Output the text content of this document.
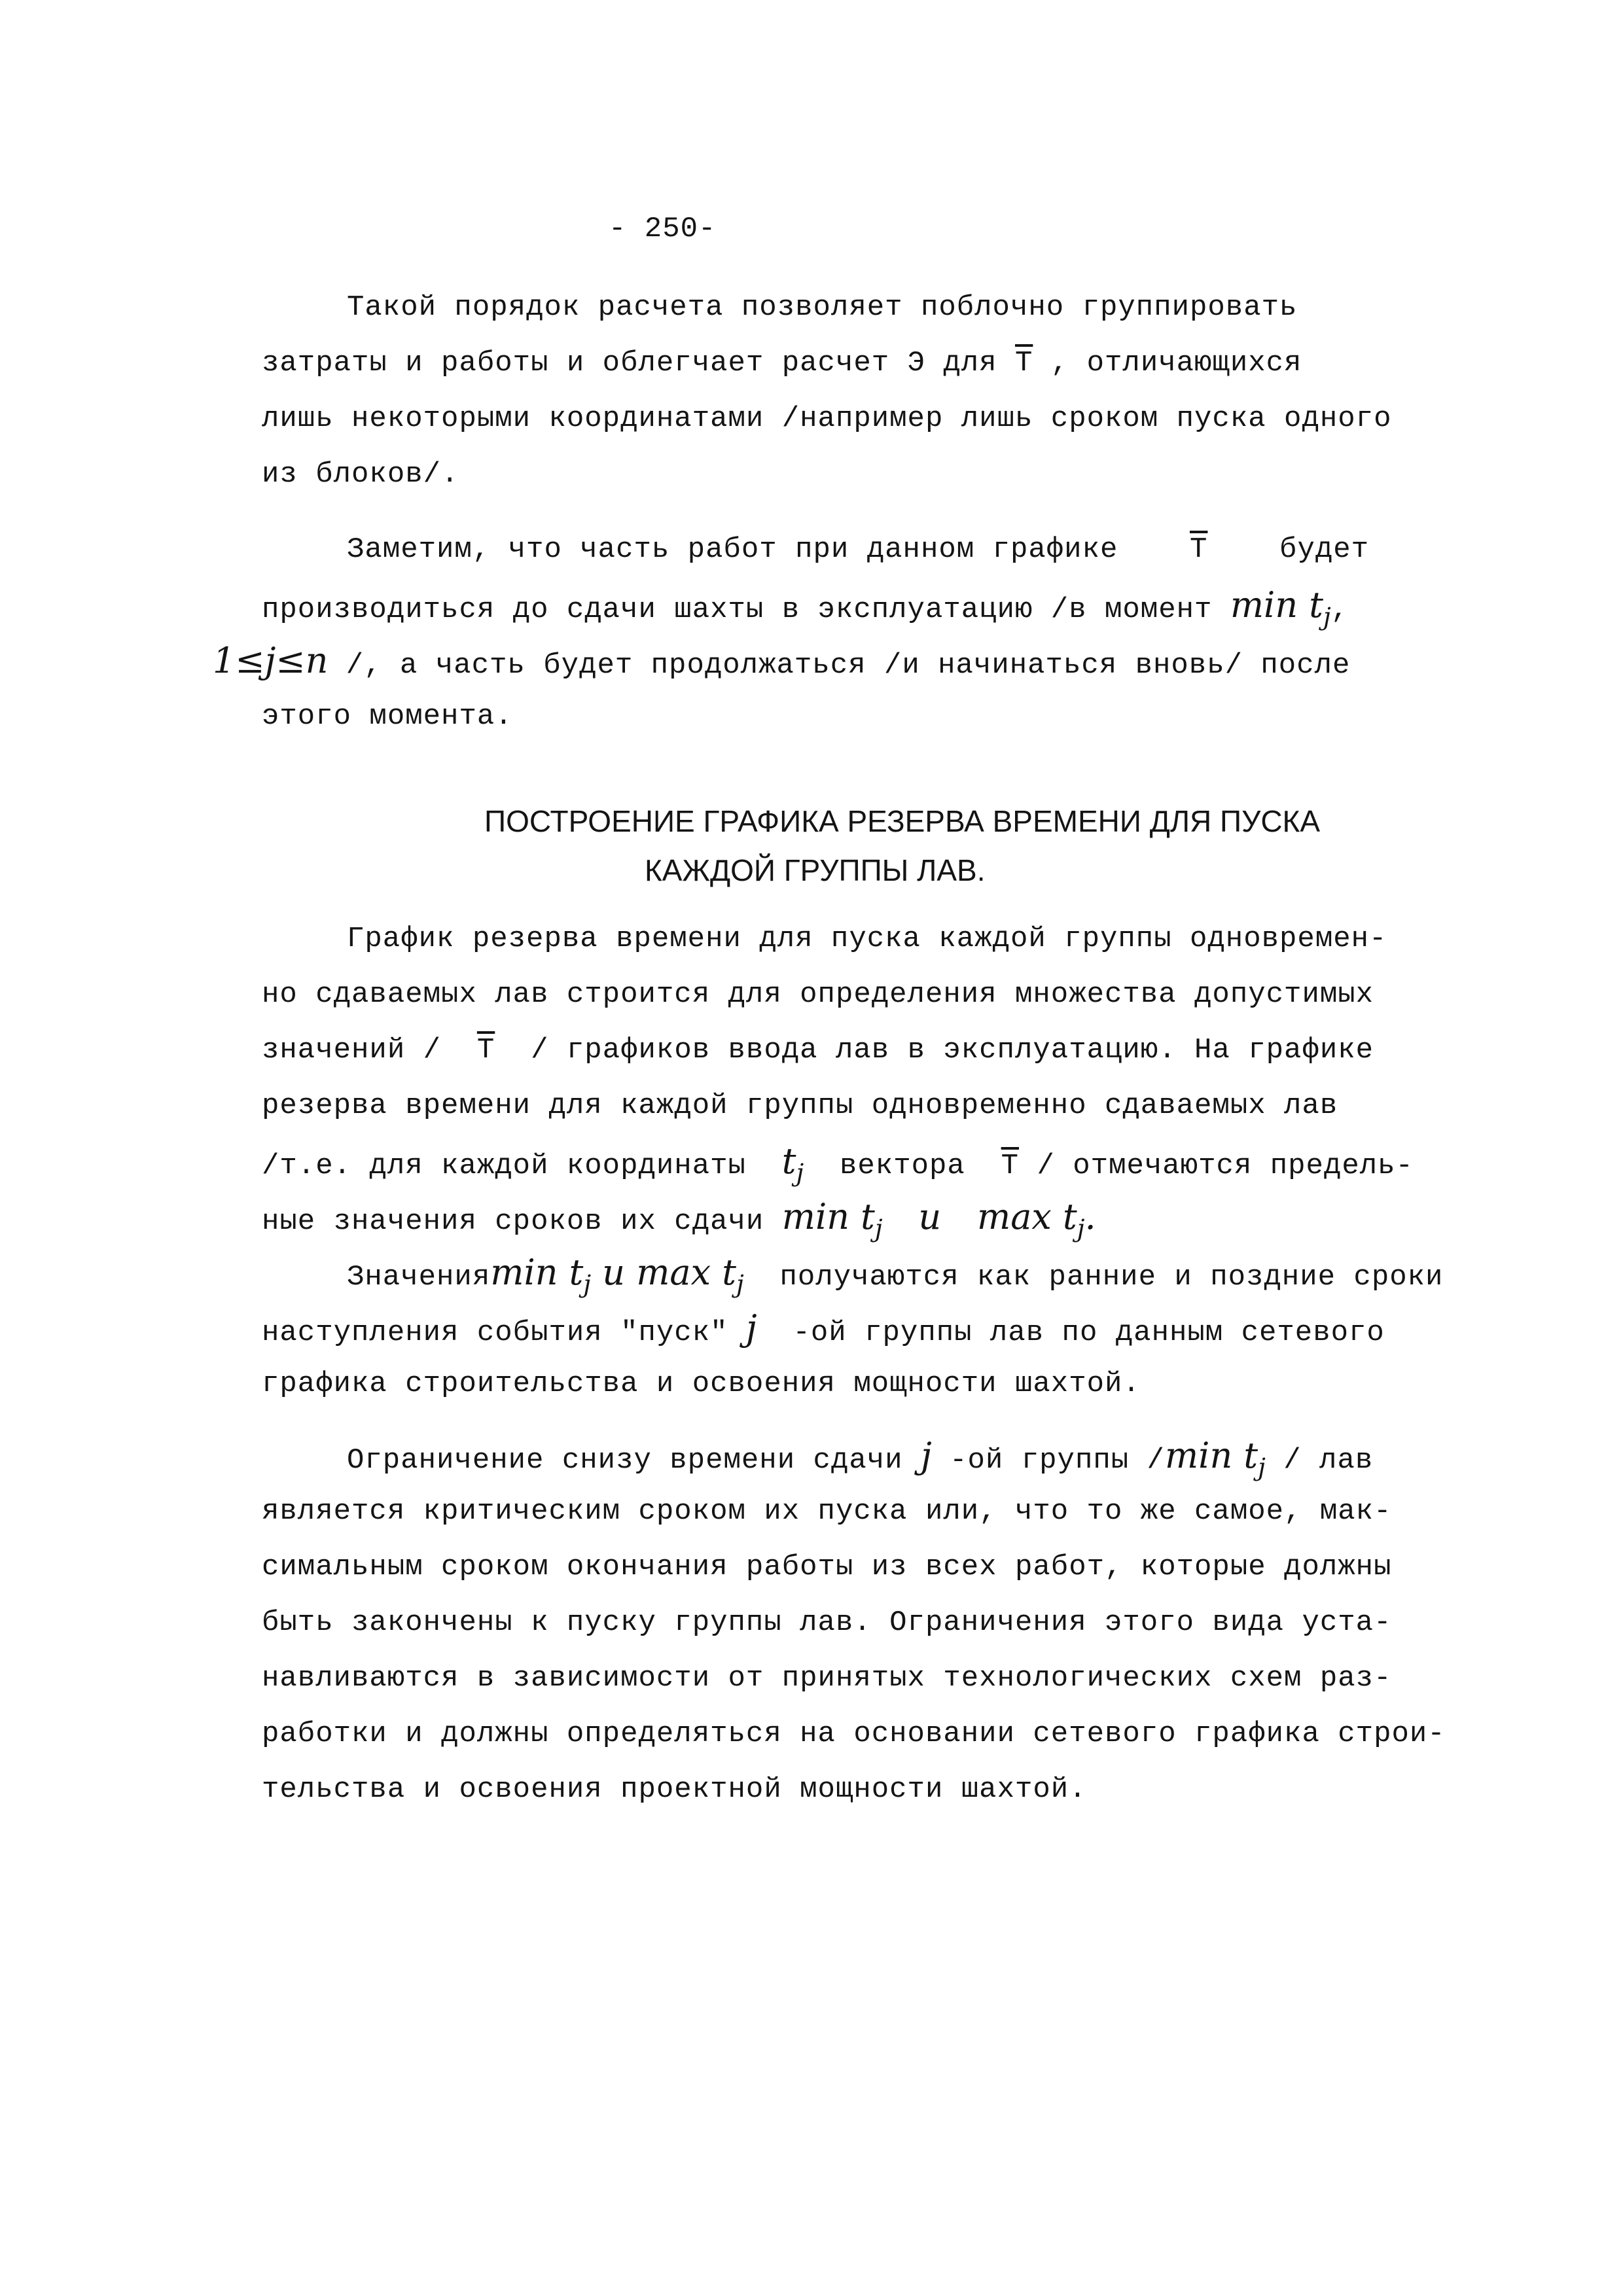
- 250-
Такой порядок расчета позволяет поблочно группировать
затраты и работы и облегчает расчет Э для $\overline{T}$ , отличающихся
лишь некоторыми координатами /например лишь сроком пуска одного
из блоков/.
Заметим, что часть работ при данном графике $\overline{T}$ будет
производиться до сдачи шахты в эксплуатацию /в момент $\min t_j$,
1≤j≤n /, а часть будет продолжаться /и начинаться вновь/ после
этого момента.
ПОСТРОЕНИЕ ГРАФИКА РЕЗЕРВА ВРЕМЕНИ ДЛЯ ПУСКА
КАЖДОЙ ГРУППЫ ЛАВ.
График резерва времени для пуска каждой группы одновремен-
но сдаваемых лав строится для определения множества допустимых
значений / $\overline{T}$ / графиков ввода лав в эксплуатацию. На графике
резерва времени для каждой группы одновременно сдаваемых лав
/т.е. для каждой координаты $t_j$ вектора $\overline{T}$ / отмечаются предель-
ные значения сроков их сдачи $\min t_j$ и $\max t_j$.
Значенияmin $t_j$ и $\max t_j$ получаются как ранние и поздние сроки
наступления события "пуск" j -ой группы лав по данным сетевого
графика строительства и освоения мощности шахтой.
Ограничение снизу времени сдачи j -ой группы /min $t_j$ / лав
является критическим сроком их пуска или, что то же самое, мак-
симальным сроком окончания работы из всех работ, которые должны
быть закончены к пуску группы лав. Ограничения этого вида уста-
навливаются в зависимости от принятых технологических схем раз-
работки и должны определяться на основании сетевого графика строи-
тельства и освоения проектной мощности шахтой.
